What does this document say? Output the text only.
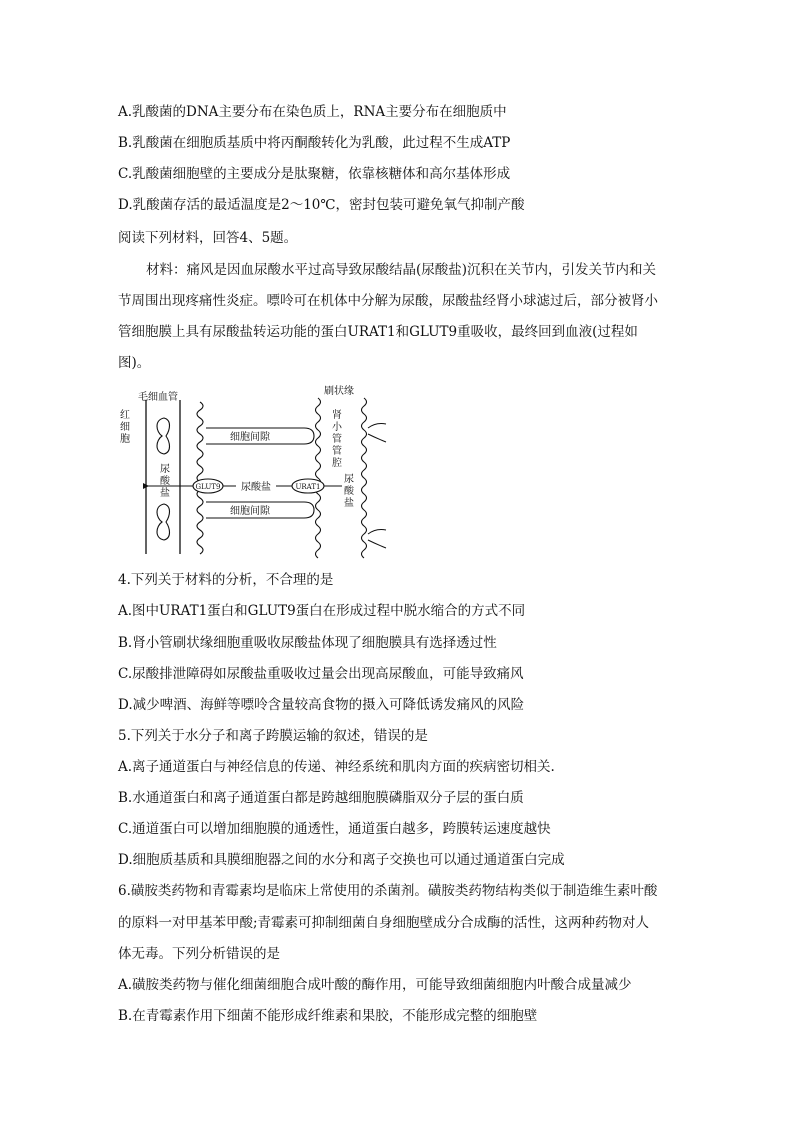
A.乳酸菌的DNA主要分布在染色质上，RNA主要分布在细胞质中
B.乳酸菌在细胞质基质中将丙酮酸转化为乳酸，此过程不生成ATP
C.乳酸菌细胞壁的主要成分是肽聚糖，依靠核糖体和高尔基体形成
D.乳酸菌存活的最适温度是2～10℃，密封包装可避免氧气抑制产酸
阅读下列材料，回答4、5题。
材料：痛风是因血尿酸水平过高导致尿酸结晶(尿酸盐)沉积在关节内，引发关节内和关
节周围出现疼痛性炎症。嘌呤可在机体中分解为尿酸，尿酸盐经肾小球滤过后，部分被肾小
管细胞膜上具有尿酸盐转运功能的蛋白URAT1和GLUT9重吸收，最终回到血液(过程如
图)。
毛细血管
红
细
胞
尿
酸
盐
刷状缘
细胞间隙
细胞间隙
肾
小
管
管
腔
尿
酸
盐
GLUT9	URAT1
尿酸盐
4.下列关于材料的分析，不合理的是
A.图中URAT1蛋白和GLUT9蛋白在形成过程中脱水缩合的方式不同
B.肾小管刷状缘细胞重吸收尿酸盐体现了细胞膜具有选择透过性
C.尿酸排泄障碍如尿酸盐重吸收过量会出现高尿酸血，可能导致痛风
D.减少啤酒、海鲜等嘌呤含量较高食物的摄入可降低诱发痛风的风险
5.下列关于水分子和离子跨膜运输的叙述，错误的是
A.离子通道蛋白与神经信息的传递、神经系统和肌肉方面的疾病密切相关.
B.水通道蛋白和离子通道蛋白都是跨越细胞膜磷脂双分子层的蛋白质
C.通道蛋白可以增加细胞膜的通透性，通道蛋白越多，跨膜转运速度越快
D.细胞质基质和具膜细胞器之间的水分和离子交换也可以通过通道蛋白完成
6.磺胺类药物和青霉素均是临床上常使用的杀菌剂。磺胺类药物结构类似于制造维生素叶酸
的原料一对甲基苯甲酸;青霉素可抑制细菌自身细胞壁成分合成酶的活性，这两种药物对人
体无毒。下列分析错误的是
A.磺胺类药物与催化细菌细胞合成叶酸的酶作用，可能导致细菌细胞内叶酸合成量减少
B.在青霉素作用下细菌不能形成纤维素和果胶，不能形成完整的细胞壁
